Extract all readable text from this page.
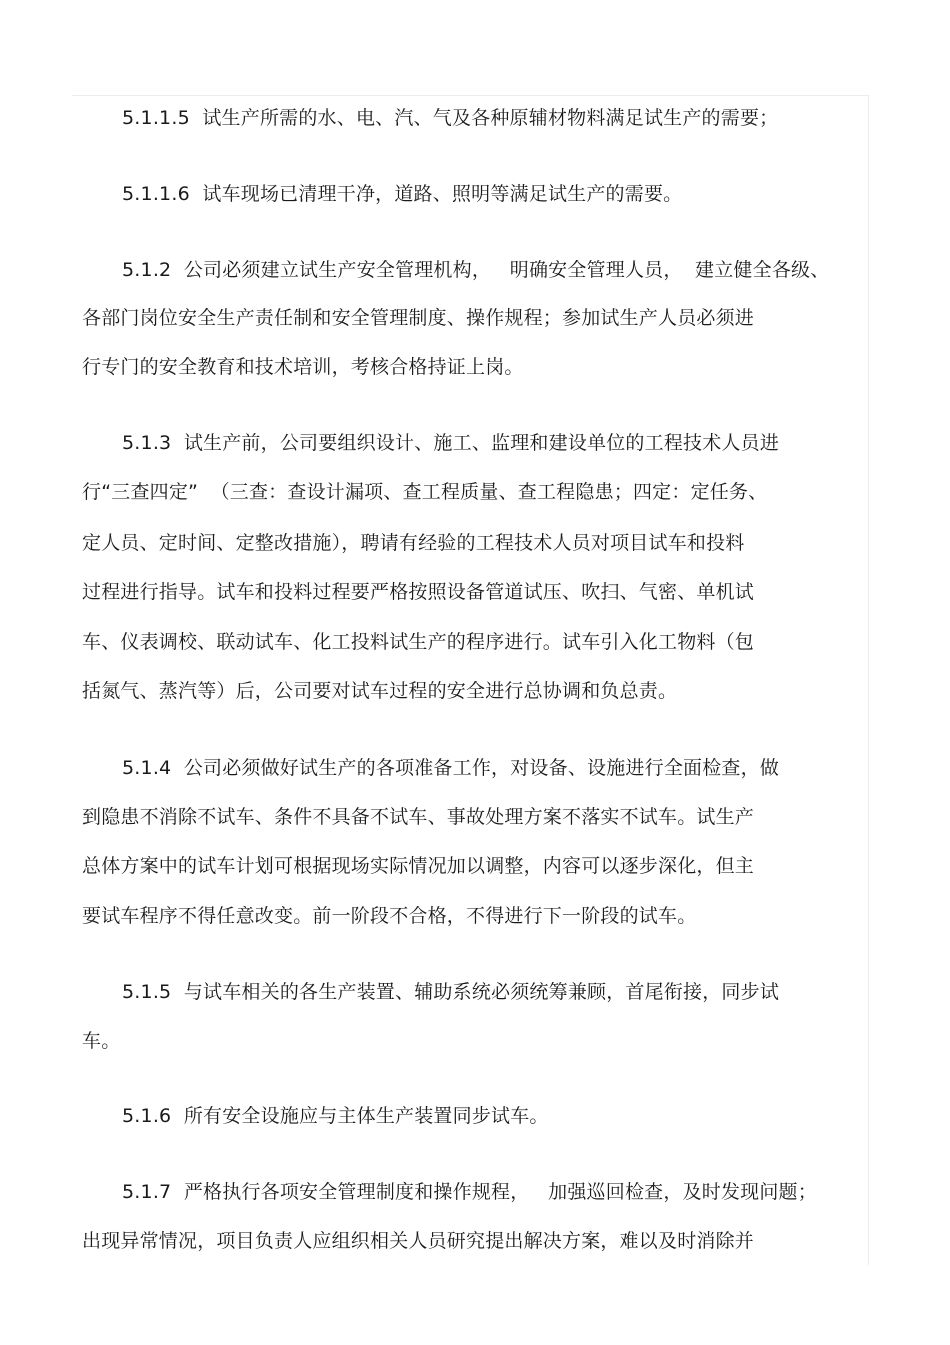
5.1.1.5  试生产所需的水、电、汽、气及各种原辅材物料满足试生产的需要；
5.1.1.6  试车现场已清理干净，道路、照明等满足试生产的需要。
5.1.2  公司必须建立试生产安全管理机构，   明确安全管理人员，  建立健全各级、
各部门岗位安全生产责任制和安全管理制度、操作规程；参加试生产人员必须进
行专门的安全教育和技术培训，考核合格持证上岗。
5.1.3  试生产前，公司要组织设计、施工、监理和建设单位的工程技术人员进
行“三查四定”  （三查：查设计漏项、查工程质量、查工程隐患；四定：定任务、
定人员、定时间、定整改措施），聘请有经验的工程技术人员对项目试车和投料
过程进行指导。试车和投料过程要严格按照设备管道试压、吹扫、气密、单机试
车、仪表调校、联动试车、化工投料试生产的程序进行。试车引入化工物料（包
括氮气、蒸汽等）后，公司要对试车过程的安全进行总协调和负总责。
5.1.4  公司必须做好试生产的各项准备工作，对设备、设施进行全面检查，做
到隐患不消除不试车、条件不具备不试车、事故处理方案不落实不试车。试生产
总体方案中的试车计划可根据现场实际情况加以调整，内容可以逐步深化，但主
要试车程序不得任意改变。前一阶段不合格，不得进行下一阶段的试车。
5.1.5  与试车相关的各生产装置、辅助系统必须统筹兼顾，首尾衔接，同步试
车。
5.1.6  所有安全设施应与主体生产装置同步试车。
5.1.7  严格执行各项安全管理制度和操作规程，   加强巡回检查，及时发现问题；
出现异常情况，项目负责人应组织相关人员研究提出解决方案，难以及时消除并
